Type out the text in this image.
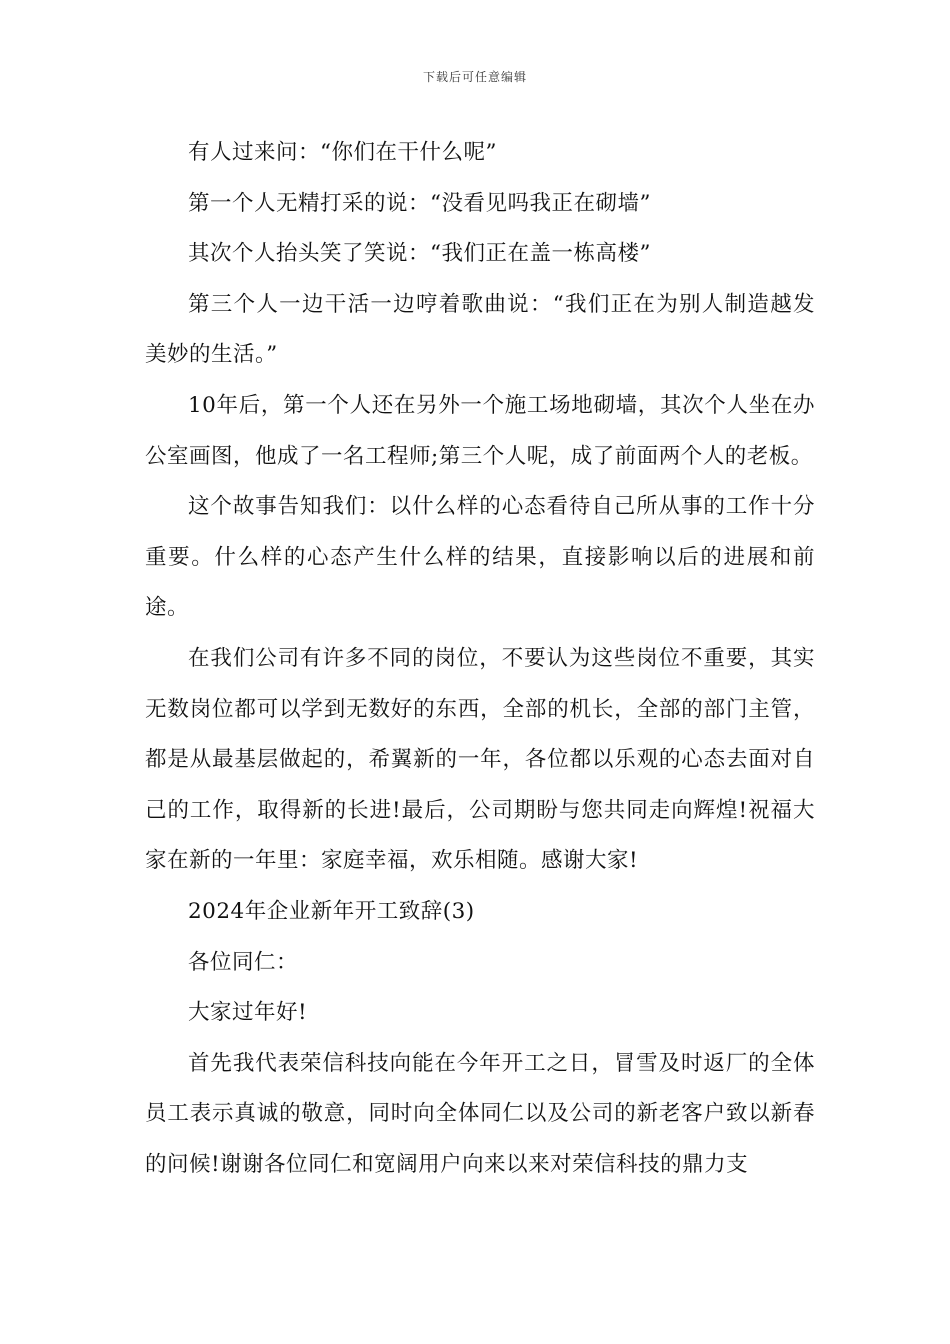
下载后可任意编辑

有人过来问：“你们在干什么呢”

第一个人无精打采的说：“没看见吗我正在砌墙”

其次个人抬头笑了笑说：“我们正在盖一栋高楼”

第三个人一边干活一边哼着歌曲说：“我们正在为别人制造越发美妙的生活。”

10年后，第一个人还在另外一个施工场地砌墙，其次个人坐在办公室画图，他成了一名工程师;第三个人呢，成了前面两个人的老板。

这个故事告知我们：以什么样的心态看待自己所从事的工作十分重要。什么样的心态产生什么样的结果，直接影响以后的进展和前途。

在我们公司有许多不同的岗位，不要认为这些岗位不重要，其实无数岗位都可以学到无数好的东西，全部的机长，全部的部门主管，都是从最基层做起的，希翼新的一年，各位都以乐观的心态去面对自己的工作，取得新的长进!最后，公司期盼与您共同走向辉煌!祝福大家在新的一年里：家庭幸福，欢乐相随。感谢大家!

2024年企业新年开工致辞(3)

各位同仁：

大家过年好!

首先我代表荣信科技向能在今年开工之日，冒雪及时返厂的全体员工表示真诚的敬意，同时向全体同仁以及公司的新老客户致以新春的问候!谢谢各位同仁和宽阔用户向来以来对荣信科技的鼎力支
